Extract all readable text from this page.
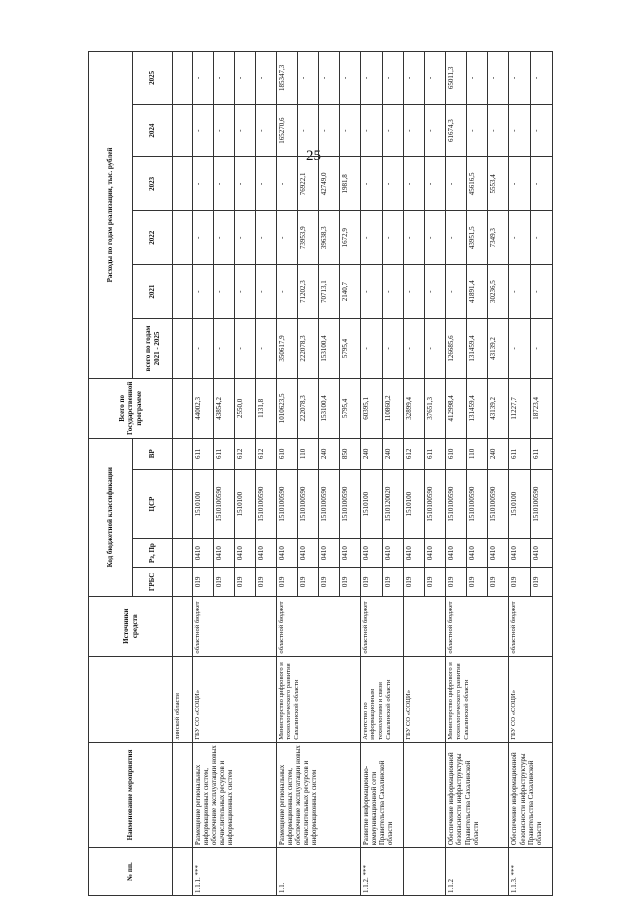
25
№ пп.	Наименование мероприятия		Источники средств	Код бюджетной классификации				Всего по Государственной программе	Расходы по годам реализации, тыс. рублей					
				ГРБС	Рз, Пр	ЦСР	ВР		всего по годам 2021 - 2025	2021	2022	2023	2024	2025
		линской области												
1.1.1. ***	Размещение региональных информационных систем, обеспечение эксплуатации новых вычислительных ресурсов и информационных систем	ГБУ СО «СОЦИ»	областной бюджет	019	0410	1510100	611	44002,3	-	-	-	-	-	-
				019	0410	1510100590	611	43854,2	-	-	-	-	-	-
				019	0410	1510100	612	2550,0	-	-	-	-	-	-
				019	0410	1510100590	612	1131,8	-	-	-	-	-	-
1.1.	Размещение региональных информационных систем, обеспечение эксплуатации новых вычислительных ресурсов и информационных систем	Министерство цифрового и технологического развития Сахалинской области	областной бюджет	019	0410	1510100590	610	1010623,5	350617,9	-	-	-	165270,6	185347,3
				019	0410	1510100590	110	222078,3	222078,3	71202,3	73953,9	76922,1	-	-
				019	0410	1510100590	240	153100,4	153100,4	70713,1	39638,3	42749,0	-	-
				019	0410	1510100590	850	5795,4	5795,4	2140,7	1672,9	1981,8	-	-
1.1.2. ***	Развитие информационно-коммуникационной сети Правительства Сахалинской области	Агентство по информационным технологиям и связи Сахалинской области	областной бюджет	019	0410	1510100	240	60395,1	-	-	-	-	-	-
				019	0410	1510120020	240	110860,2	-	-	-	-	-	-
		ГБУ СО «СОЦИ»		019	0410	1510100	612	32899,4	-	-	-	-	-	-
				019	0410	1510100590	611	37651,3	-	-	-	-	-	-
1.1.2	Обеспечение информационной безопасности инфраструктуры Правительства Сахалинской области	Министерство цифрового и технологического развития Сахалинской области	областной бюджет	019	0410	1510100590	610	412998,4	126685,6	-	-	-	61674,3	65011,3
				019	0410	1510100590	110	131459,4	131459,4	41891,4	43951,5	45616,5	-	-
				019	0410	1510100590	240	43139,2	43139,2	30236,5	7349,3	5553,4	-	-
1.1.3. ***	Обеспечение информационной безопасности инфраструктуры Правительства Сахалинской области	ГБУ СО «СОЦИ»	областной бюджет	019	0410	1510100	611	11227,7	-	-	-	-	-	-
				019	0410	1510100590	611	18723,4	-	-	-	-	-	-
